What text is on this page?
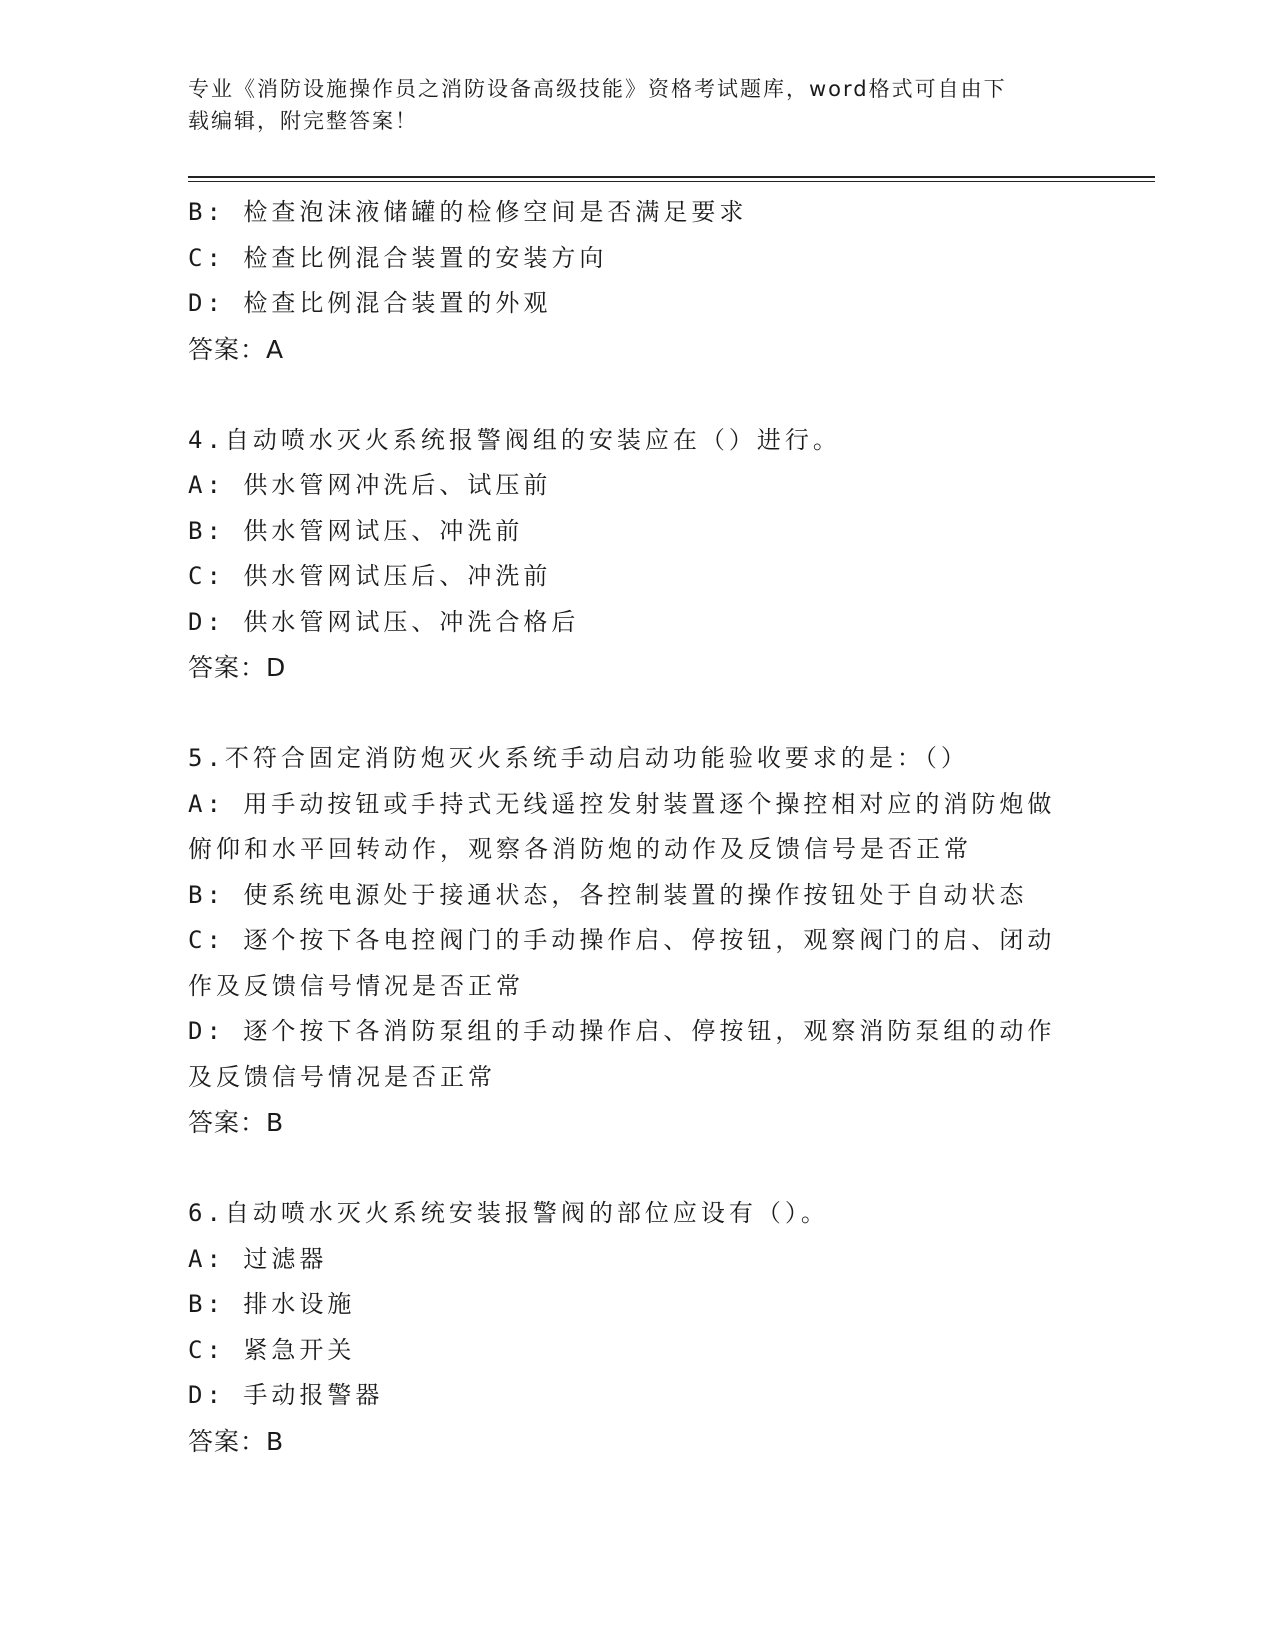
专业《消防设施操作员之消防设备高级技能》资格考试题库，word格式可自由下
载编辑，附完整答案！

B: 检查泡沫液储罐的检修空间是否满足要求

C: 检查比例混合装置的安装方向

D: 检查比例混合装置的外观

答案：A

4.自动喷水灭火系统报警阀组的安装应在（）进行。

A: 供水管网冲洗后、试压前

B: 供水管网试压、冲洗前

C: 供水管网试压后、冲洗前

D: 供水管网试压、冲洗合格后

答案：D

5.不符合固定消防炮灭火系统手动启动功能验收要求的是：（）

A: 用手动按钮或手持式无线遥控发射装置逐个操控相对应的消防炮做

俯仰和水平回转动作，观察各消防炮的动作及反馈信号是否正常

B: 使系统电源处于接通状态，各控制装置的操作按钮处于自动状态

C: 逐个按下各电控阀门的手动操作启、停按钮，观察阀门的启、闭动

作及反馈信号情况是否正常

D: 逐个按下各消防泵组的手动操作启、停按钮，观察消防泵组的动作

及反馈信号情况是否正常

答案：B

6.自动喷水灭火系统安装报警阀的部位应设有（）。

A: 过滤器

B: 排水设施

C: 紧急开关

D: 手动报警器

答案：B
